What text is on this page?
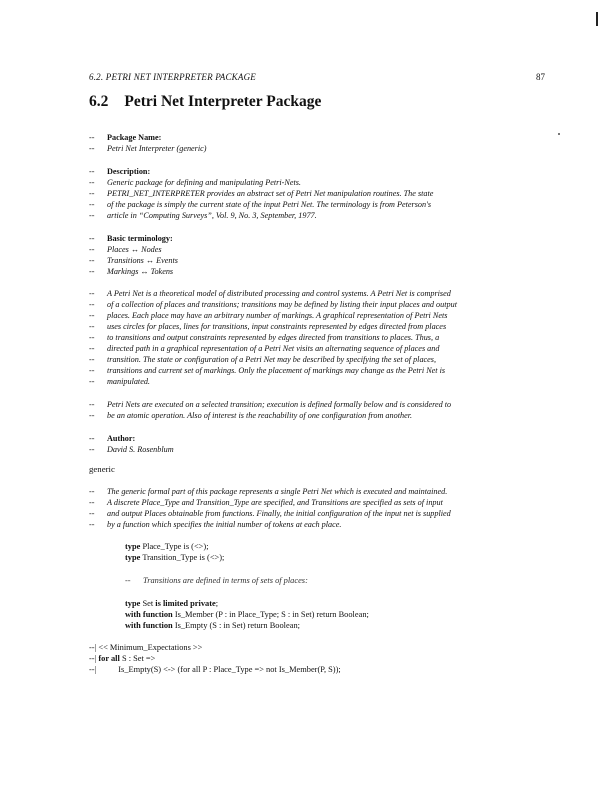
6.2. PETRI NET INTERPRETER PACKAGE	87
6.2 Petri Net Interpreter Package
-- Package Name:
-- Petri Net Interpreter (generic)
-- Description:
-- Generic package for defining and manipulating Petri-Nets.
-- PETRI_NET_INTERPRETER provides an abstract set of Petri Net manipulation routines. The state
-- of the package is simply the current state of the input Petri Net. The terminology is from Peterson's
-- article in “Computing Surveys”, Vol. 9, No. 3, September, 1977.
-- Basic terminology:
-- Places ↔ Nodes
-- Transitions ↔ Events
-- Markings ↔ Tokens
-- A Petri Net is a theoretical model of distributed processing and control systems. A Petri Net is comprised
-- of a collection of places and transitions; transitions may be defined by listing their input places and output
-- places. Each place may have an arbitrary number of markings. A graphical representation of Petri Nets
-- uses circles for places, lines for transitions, input constraints represented by edges directed from places
-- to transitions and output constraints represented by edges directed from transitions to places. Thus, a
-- directed path in a graphical representation of a Petri Net visits an alternating sequence of places and
-- transition. The state or configuration of a Petri Net may be described by specifying the set of places,
-- transitions and current set of markings. Only the placement of markings may change as the Petri Net is
-- manipulated.
-- Petri Nets are executed on a selected transition; execution is defined formally below and is considered to
-- be an atomic operation. Also of interest is the reachability of one configuration from another.
-- Author:
-- David S. Rosenblum
generic
-- The generic formal part of this package represents a single Petri Net which is executed and maintained.
-- A discrete Place_Type and Transition_Type are specified, and Transitions are specified as sets of input
-- and output Places obtainable from functions. Finally, the initial configuration of the input net is supplied
-- by a function which specifies the initial number of tokens at each place.
type Place_Type is (<>);
type Transition_Type is (<>);
-- Transitions are defined in terms of sets of places:
type Set is limited private;
with function Is_Member (P : in Place_Type; S : in Set) return Boolean;
with function Is_Empty (S : in Set) return Boolean;
--| << Minimum_Expectations >>
--| for all S : Set =>
--|	Is_Empty(S) <-> (for all P : Place_Type => not Is_Member(P, S));
